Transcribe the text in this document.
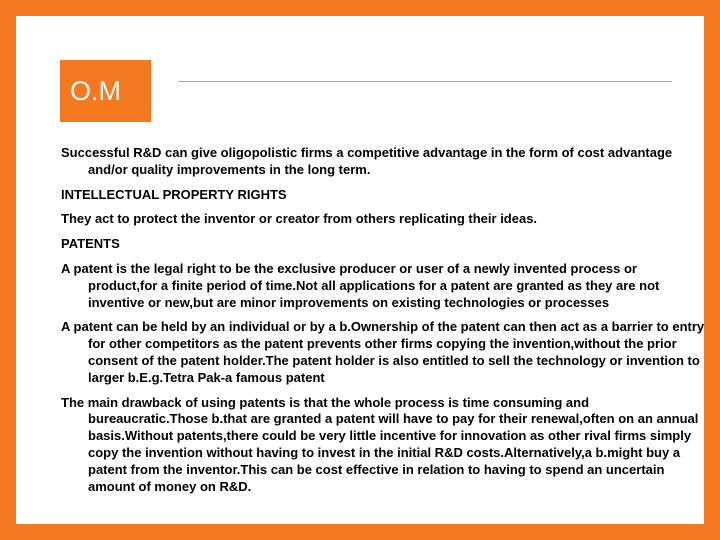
O.M

Successful R&D can give oligopolistic firms a competitive advantage in the form of cost advantage and/or quality improvements in the long term.

INTELLECTUAL PROPERTY RIGHTS

They act to protect the inventor or creator from others replicating their ideas.

PATENTS

A patent is the legal right to be the exclusive producer or user of a newly invented process or product,for a finite period of time.Not all applications for a patent are granted as they are not inventive or new,but are minor improvements on existing technologies or processes

A patent can be held by an individual or by a b.Ownership of the patent can then act as a barrier to entry for other competitors as the patent prevents other firms copying the invention,without the prior consent of the patent holder.The patent holder is also entitled to sell the technology or invention to larger b.E.g.Tetra Pak-a famous patent

The main drawback of using patents is that the whole process is time consuming and bureaucratic.Those b.that are granted a patent will have to pay for their renewal,often on an annual basis.Without patents,there could be very little incentive for innovation as other rival firms simply copy the invention without having to invest in the initial R&D costs.Alternatively,a b.might buy a patent from the inventor.This can be cost effective in relation to having to spend an uncertain amount of money on R&D.
